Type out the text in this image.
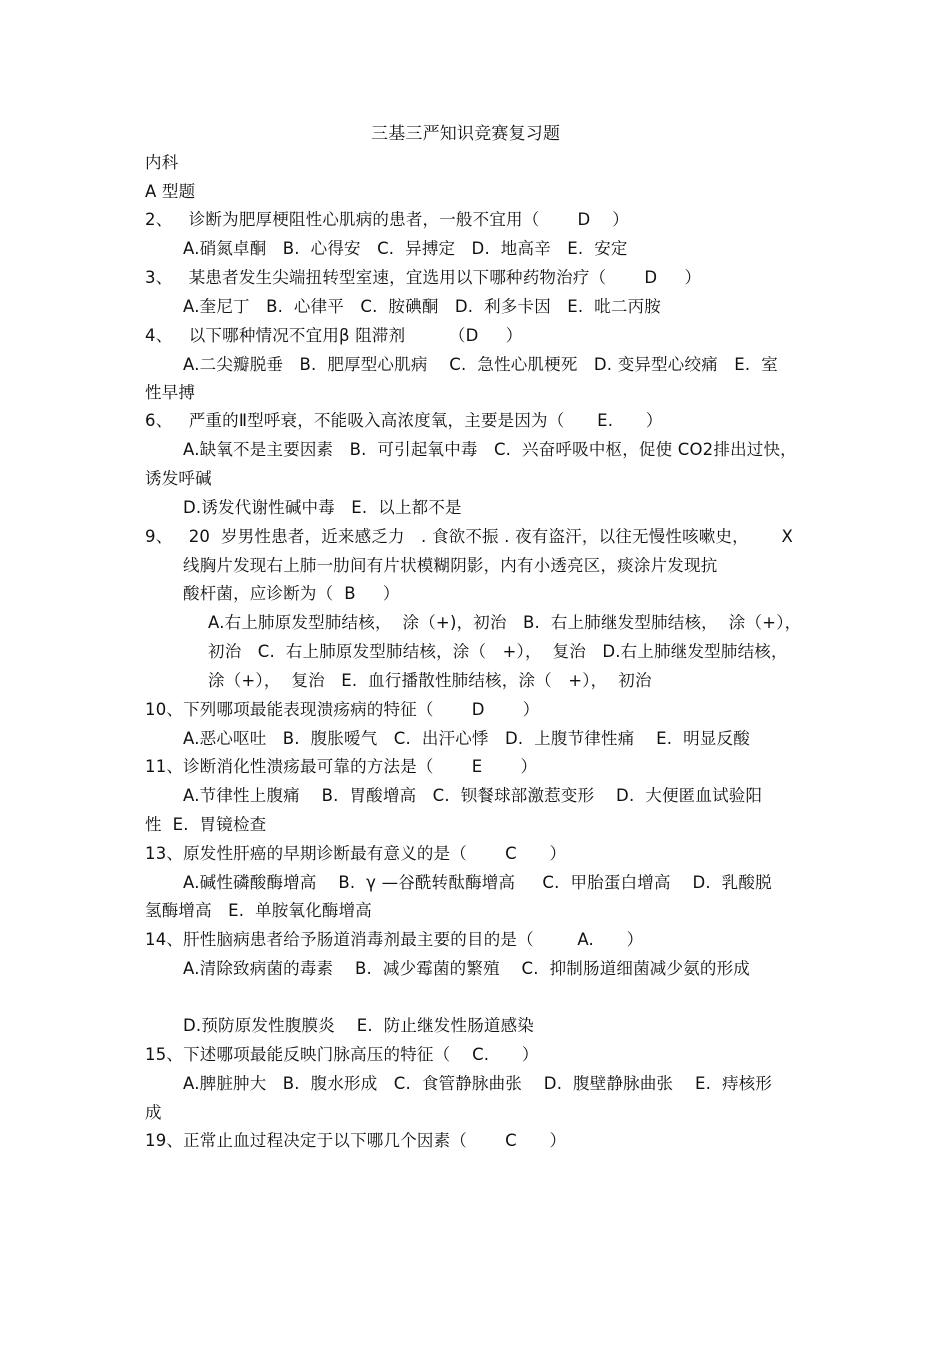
三基三严知识竞赛复习题
内科
A 型题
2、   诊断为肥厚梗阻性心肌病的患者，一般不宜用（       D    ）
A.硝氮卓酮   B.  心得安   C.  异搏定   D.  地高辛   E.  安定
3、   某患者发生尖端扭转型室速，宜选用以下哪种药物治疗（       D     ）
A.奎尼丁   B.  心律平   C.  胺碘酮   D.  利多卡因   E.  吡二丙胺
4、   以下哪种情况不宜用β 阻滞剂        （D     ）
A.二尖瓣脱垂   B.  肥厚型心肌病    C.  急性心肌梗死   D. 变异型心绞痛   E.  室
性早搏
6、   严重的Ⅱ型呼衰，不能吸入高浓度氧，主要是因为（      E.      ）
A.缺氧不是主要因素   B.  可引起氧中毒   C.  兴奋呼吸中枢，促使 CO2排出过快，
诱发呼碱
D.诱发代谢性碱中毒   E.  以上都不是
9、   20  岁男性患者，近来感乏力   . 食欲不振 . 夜有盗汗，以往无慢性咳嗽史，      X
线胸片发现右上肺一肋间有片状模糊阴影，内有小透亮区，痰涂片发现抗
酸杆菌，应诊断为（  B     ）
A.右上肺原发型肺结核，  涂（+)，初治   B.  右上肺继发型肺结核，  涂（+），
初治   C.  右上肺原发型肺结核，涂（   +），  复治   D.右上肺继发型肺结核，
涂（+），  复治   E.  血行播散性肺结核，涂（   +），  初治
10、下列哪项最能表现溃疡病的特征（       D       ）
A.恶心呕吐   B.  腹胀嗳气   C.  出汗心悸   D.  上腹节律性痛    E.  明显反酸
11、诊断消化性溃疡最可靠的方法是（       E       ）
A.节律性上腹痛    B.  胃酸增高   C.  钡餐球部激惹变形    D.  大便匿血试验阳
性  E.  胃镜检查
13、原发性肝癌的早期诊断最有意义的是（       C      ）
A.碱性磷酸酶增高    B.  γ —谷酰转酞酶增高     C.  甲胎蛋白增高    D.  乳酸脱
氢酶增高   E.  单胺氧化酶增高
14、肝性脑病患者给予肠道消毒剂最主要的目的是（        A.      ）
A.清除致病菌的毒素    B.  减少霉菌的繁殖    C.  抑制肠道细菌减少氨的形成
D.预防原发性腹膜炎    E.  防止继发性肠道感染
15、下述哪项最能反映门脉高压的特征（    C.      ）
A.脾脏肿大   B.  腹水形成   C.  食管静脉曲张    D.  腹壁静脉曲张    E.  痔核形
成
19、正常止血过程决定于以下哪几个因素（       C      ）
